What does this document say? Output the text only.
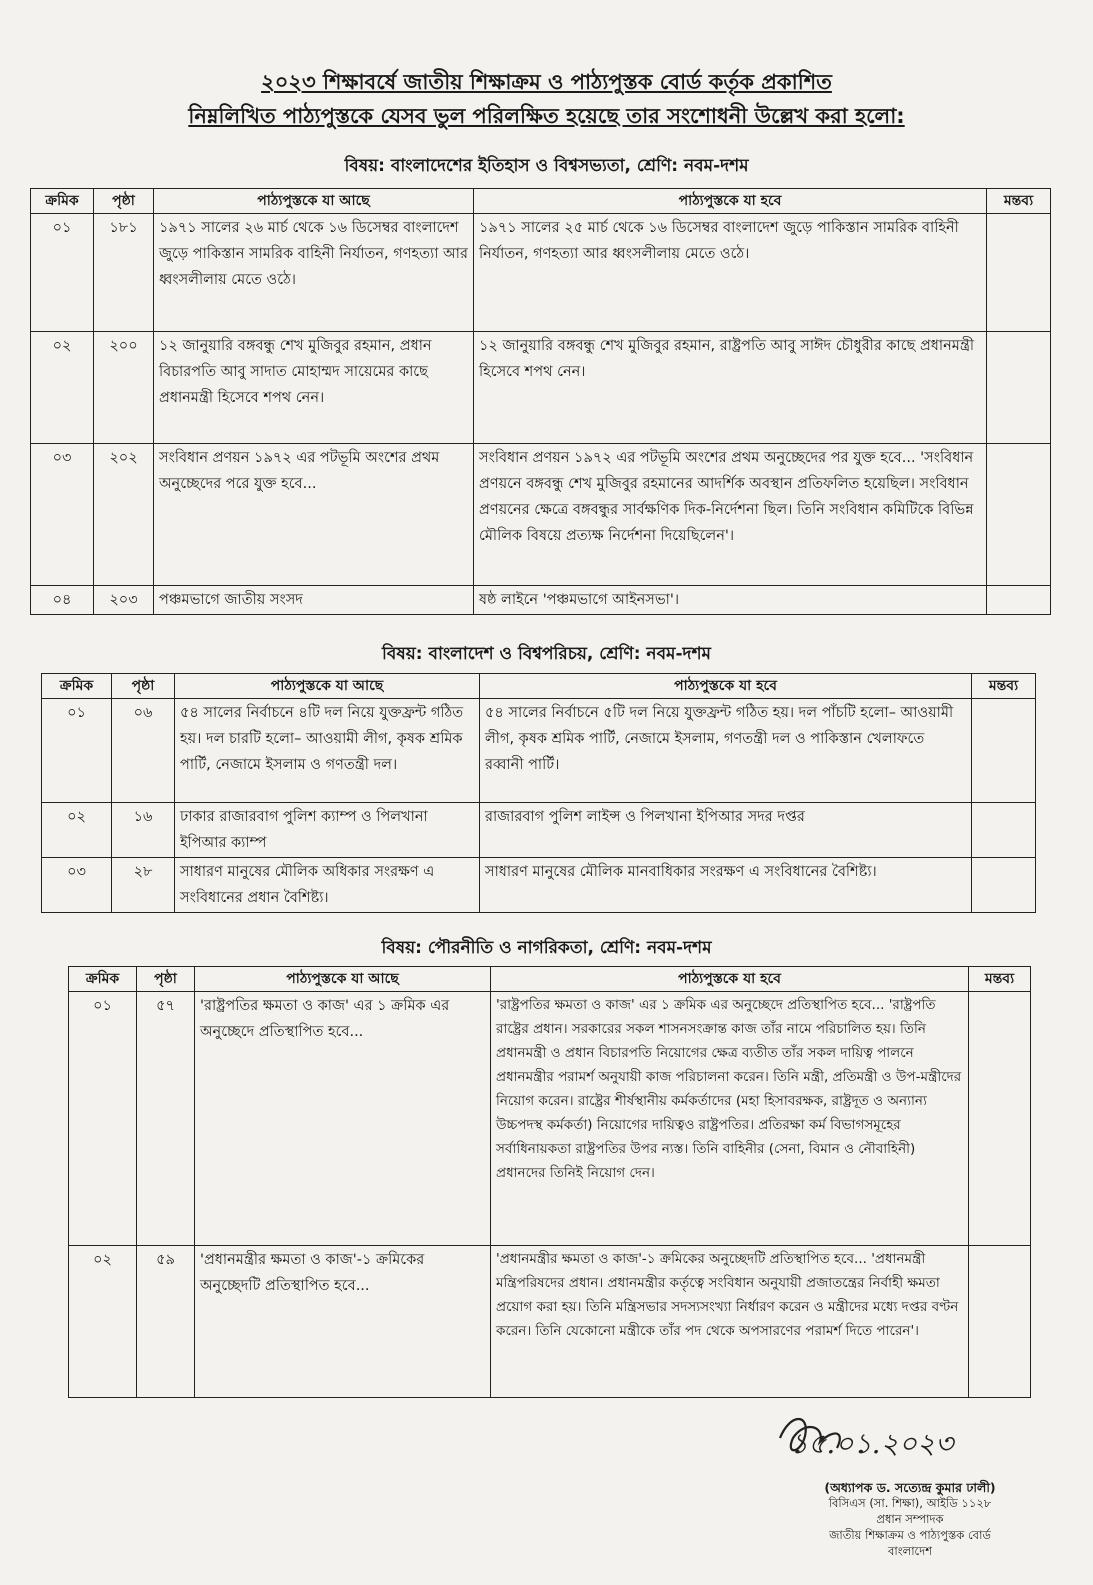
২০২৩ শিক্ষাবর্ষে জাতীয় শিক্ষাক্রম ও পাঠ্যপুস্তক বোর্ড কর্তৃক প্রকাশিত
নিম্নলিখিত পাঠ্যপুস্তকে যেসব ভুল পরিলক্ষিত হয়েছে তার সংশোধনী উল্লেখ করা হলো:
বিষয়: বাংলাদেশের ইতিহাস ও বিশ্বসভ্যতা, শ্রেণি: নবম-দশম
ক্রমিক	পৃষ্ঠা	পাঠ্যপুস্তকে যা আছে	পাঠ্যপুস্তকে যা হবে	মন্তব্য
০১	১৮১	১৯৭১ সালের ২৬ মার্চ থেকে ১৬ ডিসেম্বর বাংলাদেশ জুড়ে পাকিস্তান সামরিক বাহিনী নির্যাতন, গণহত্যা আর ধ্বংসলীলায় মেতে ওঠে।	১৯৭১ সালের ২৫ মার্চ থেকে ১৬ ডিসেম্বর বাংলাদেশ জুড়ে পাকিস্তান সামরিক বাহিনী নির্যাতন, গণহত্যা আর ধ্বংসলীলায় মেতে ওঠে।	
০২	২০০	১২ জানুয়ারি বঙ্গবন্ধু শেখ মুজিবুর রহমান, প্রধান বিচারপতি আবু সাদাত মোহাম্মদ সায়েমের কাছে প্রধানমন্ত্রী হিসেবে শপথ নেন।	১২ জানুয়ারি বঙ্গবন্ধু শেখ মুজিবুর রহমান, রাষ্ট্রপতি আবু সাঈদ চৌধুরীর কাছে প্রধানমন্ত্রী হিসেবে শপথ নেন।	
০৩	২০২	সংবিধান প্রণয়ন ১৯৭২ এর পটভূমি অংশের প্রথম অনুচ্ছেদের পরে যুক্ত হবে...	সংবিধান প্রণয়ন ১৯৭২ এর পটভূমি অংশের প্রথম অনুচ্ছেদের পর যুক্ত হবে... 'সংবিধান প্রণয়নে বঙ্গবন্ধু শেখ মুজিবুর রহমানের আদর্শিক অবস্থান প্রতিফলিত হয়েছিল। সংবিধান প্রণয়নের ক্ষেত্রে বঙ্গবন্ধুর সার্বক্ষণিক দিক-নির্দেশনা ছিল। তিনি সংবিধান কমিটিকে বিভিন্ন মৌলিক বিষয়ে প্রত্যক্ষ নির্দেশনা দিয়েছিলেন'।	
০৪	২০৩	পঞ্চমভাগে জাতীয় সংসদ	ষষ্ঠ লাইনে 'পঞ্চমভাগে আইনসভা'।	
বিষয়: বাংলাদেশ ও বিশ্বপরিচয়, শ্রেণি: নবম-দশম
ক্রমিক	পৃষ্ঠা	পাঠ্যপুস্তকে যা আছে	পাঠ্যপুস্তকে যা হবে	মন্তব্য
০১	০৬	৫৪ সালের নির্বাচনে ৪টি দল নিয়ে যুক্তফ্রন্ট গঠিত হয়। দল চারটি হলো– আওয়ামী লীগ, কৃষক শ্রমিক পার্টি, নেজামে ইসলাম ও গণতন্ত্রী দল।	৫৪ সালের নির্বাচনে ৫টি দল নিয়ে যুক্তফ্রন্ট গঠিত হয়। দল পাঁচটি হলো– আওয়ামী লীগ, কৃষক শ্রমিক পার্টি, নেজামে ইসলাম, গণতন্ত্রী দল ও পাকিস্তান খেলাফতে রব্বানী পার্টি।	
০২	১৬	ঢাকার রাজারবাগ পুলিশ ক্যাম্প ও পিলখানা ইপিআর ক্যাম্প	রাজারবাগ পুলিশ লাইন্স ও পিলখানা ইপিআর সদর দপ্তর	
০৩	২৮	সাধারণ মানুষের মৌলিক অধিকার সংরক্ষণ এ সংবিধানের প্রধান বৈশিষ্ট্য।	সাধারণ মানুষের মৌলিক মানবাধিকার সংরক্ষণ এ সংবিধানের বৈশিষ্ট্য।	
বিষয়: পৌরনীতি ও নাগরিকতা, শ্রেণি: নবম-দশম
ক্রমিক	পৃষ্ঠা	পাঠ্যপুস্তকে যা আছে	পাঠ্যপুস্তকে যা হবে	মন্তব্য
০১	৫৭	'রাষ্ট্রপতির ক্ষমতা ও কাজ' এর ১ ক্রমিক এর অনুচ্ছেদে প্রতিস্থাপিত হবে...	'রাষ্ট্রপতির ক্ষমতা ও কাজ' এর ১ ক্রমিক এর অনুচ্ছেদে প্রতিস্থাপিত হবে... 'রাষ্ট্রপতি রাষ্ট্রের প্রধান। সরকারের সকল শাসনসংক্রান্ত কাজ তাঁর নামে পরিচালিত হয়। তিনি প্রধানমন্ত্রী ও প্রধান বিচারপতি নিয়োগের ক্ষেত্র ব্যতীত তাঁর সকল দায়িত্ব পালনে প্রধানমন্ত্রীর পরামর্শ অনুযায়ী কাজ পরিচালনা করেন। তিনি মন্ত্রী, প্রতিমন্ত্রী ও উপ-মন্ত্রীদের নিয়োগ করেন। রাষ্ট্রের শীর্ষস্থানীয় কর্মকর্তাদের (মহা হিসাবরক্ষক, রাষ্ট্রদূত ও অন্যান্য উচ্চপদস্থ কর্মকর্তা) নিয়োগের দায়িত্বও রাষ্ট্রপতির। প্রতিরক্ষা কর্ম বিভাগসমূহের সর্বাধিনায়কতা রাষ্ট্রপতির উপর ন্যস্ত। তিনি বাহিনীর (সেনা, বিমান ও নৌবাহিনী) প্রধানদের তিনিই নিয়োগ দেন।	
০২	৫৯	'প্রধানমন্ত্রীর ক্ষমতা ও কাজ'-১ ক্রমিকের অনুচ্ছেদটি প্রতিস্থাপিত হবে...	'প্রধানমন্ত্রীর ক্ষমতা ও কাজ'-১ ক্রমিকের অনুচ্ছেদটি প্রতিস্থাপিত হবে... 'প্রধানমন্ত্রী মন্ত্রিপরিষদের প্রধান। প্রধানমন্ত্রীর কর্তৃত্বে সংবিধান অনুযায়ী প্রজাতন্ত্রের নির্বাহী ক্ষমতা প্রয়োগ করা হয়। তিনি মন্ত্রিসভার সদস্যসংখ্যা নির্ধারণ করেন ও মন্ত্রীদের মধ্যে দপ্তর বণ্টন করেন। তিনি যেকোনো মন্ত্রীকে তাঁর পদ থেকে অপসারণের পরামর্শ দিতে পারেন'।	
১৫.০১.২০২৩
(অধ্যাপক ড. সত্যেন্দ্র কুমার ঢালী)
বিসিএস (সা. শিক্ষা), আইডি ১১২৮
প্রধান সম্পাদক
জাতীয় শিক্ষাক্রম ও পাঠ্যপুস্তক বোর্ড
বাংলাদেশ
